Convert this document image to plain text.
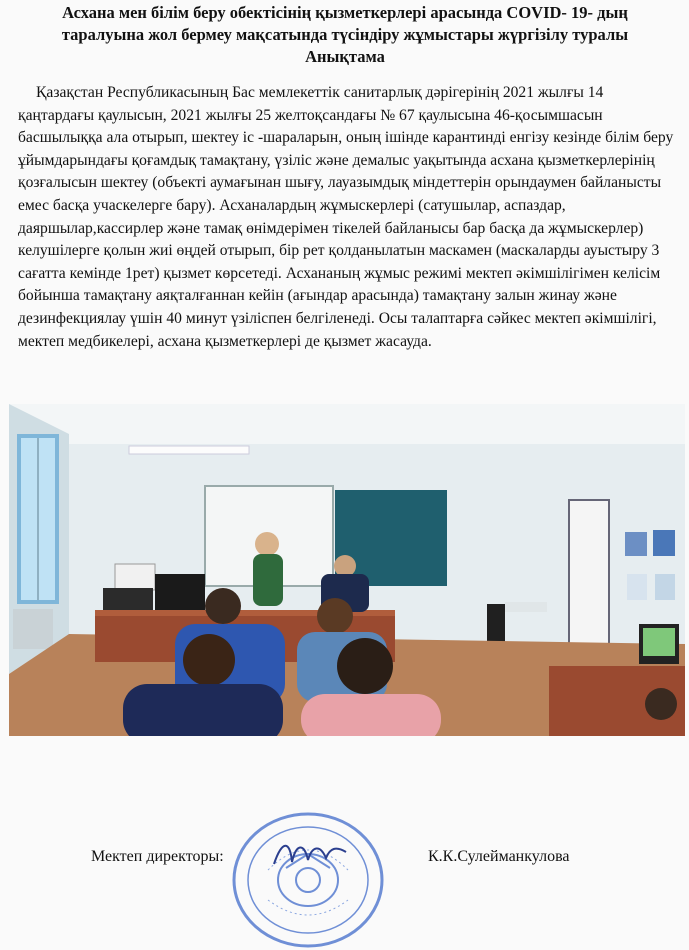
Асхана мен білім беру обектісінің қызметкерлері арасында COVID- 19- дың
таралуына жол бермеу мақсатында түсіндіру жұмыстары жүргізілу туралы
Анықтама

Қазақстан Республикасының Бас мемлекеттік санитарлық дәрігерінің 2021 жылғы 14 қаңтардағы қаулысын, 2021 жылғы 25 желтоқсандағы № 67 қаулысына 46-қосымшасын басшылыққа ала отырып, шектеу іс -шараларын, оның ішінде карантинді енгізу кезінде білім беру ұйымдарындағы қоғамдық тамақтану, үзіліс және демалыс уақытында асхана қызметкерлерінің қозғалысын шектеу (объекті аумағынан шығу, лауазымдық міндеттерін орындаумен байланысты емес басқа учаскелерге бару). Асханалардың жұмыскерлері (сатушылар, аспаздар, даяршылар,кассирлер және тамақ өнімдерімен тікелей байланысы бар басқа да жұмыскерлер) келушілерге қолын жиі өңдей отырып, бір рет қолданылатын маскамен (маскаларды ауыстыру 3 сағатта кемінде 1рет) қызмет көрсетеді. Асхананың жұмыс режимі мектеп әкімшілігімен келісім бойынша тамақтану аяқталғаннан кейін (ағындар арасында) тамақтану залын жинау және дезинфекциялау үшін 40 минут үзіліспен белгіленеді. Осы талаптарға сәйкес мектеп әкімшілігі, мектеп медбикелері, асхана қызметкерлері де қызмет жасауда.

Мектеп директоры:	К.К.Сулейманкулова
